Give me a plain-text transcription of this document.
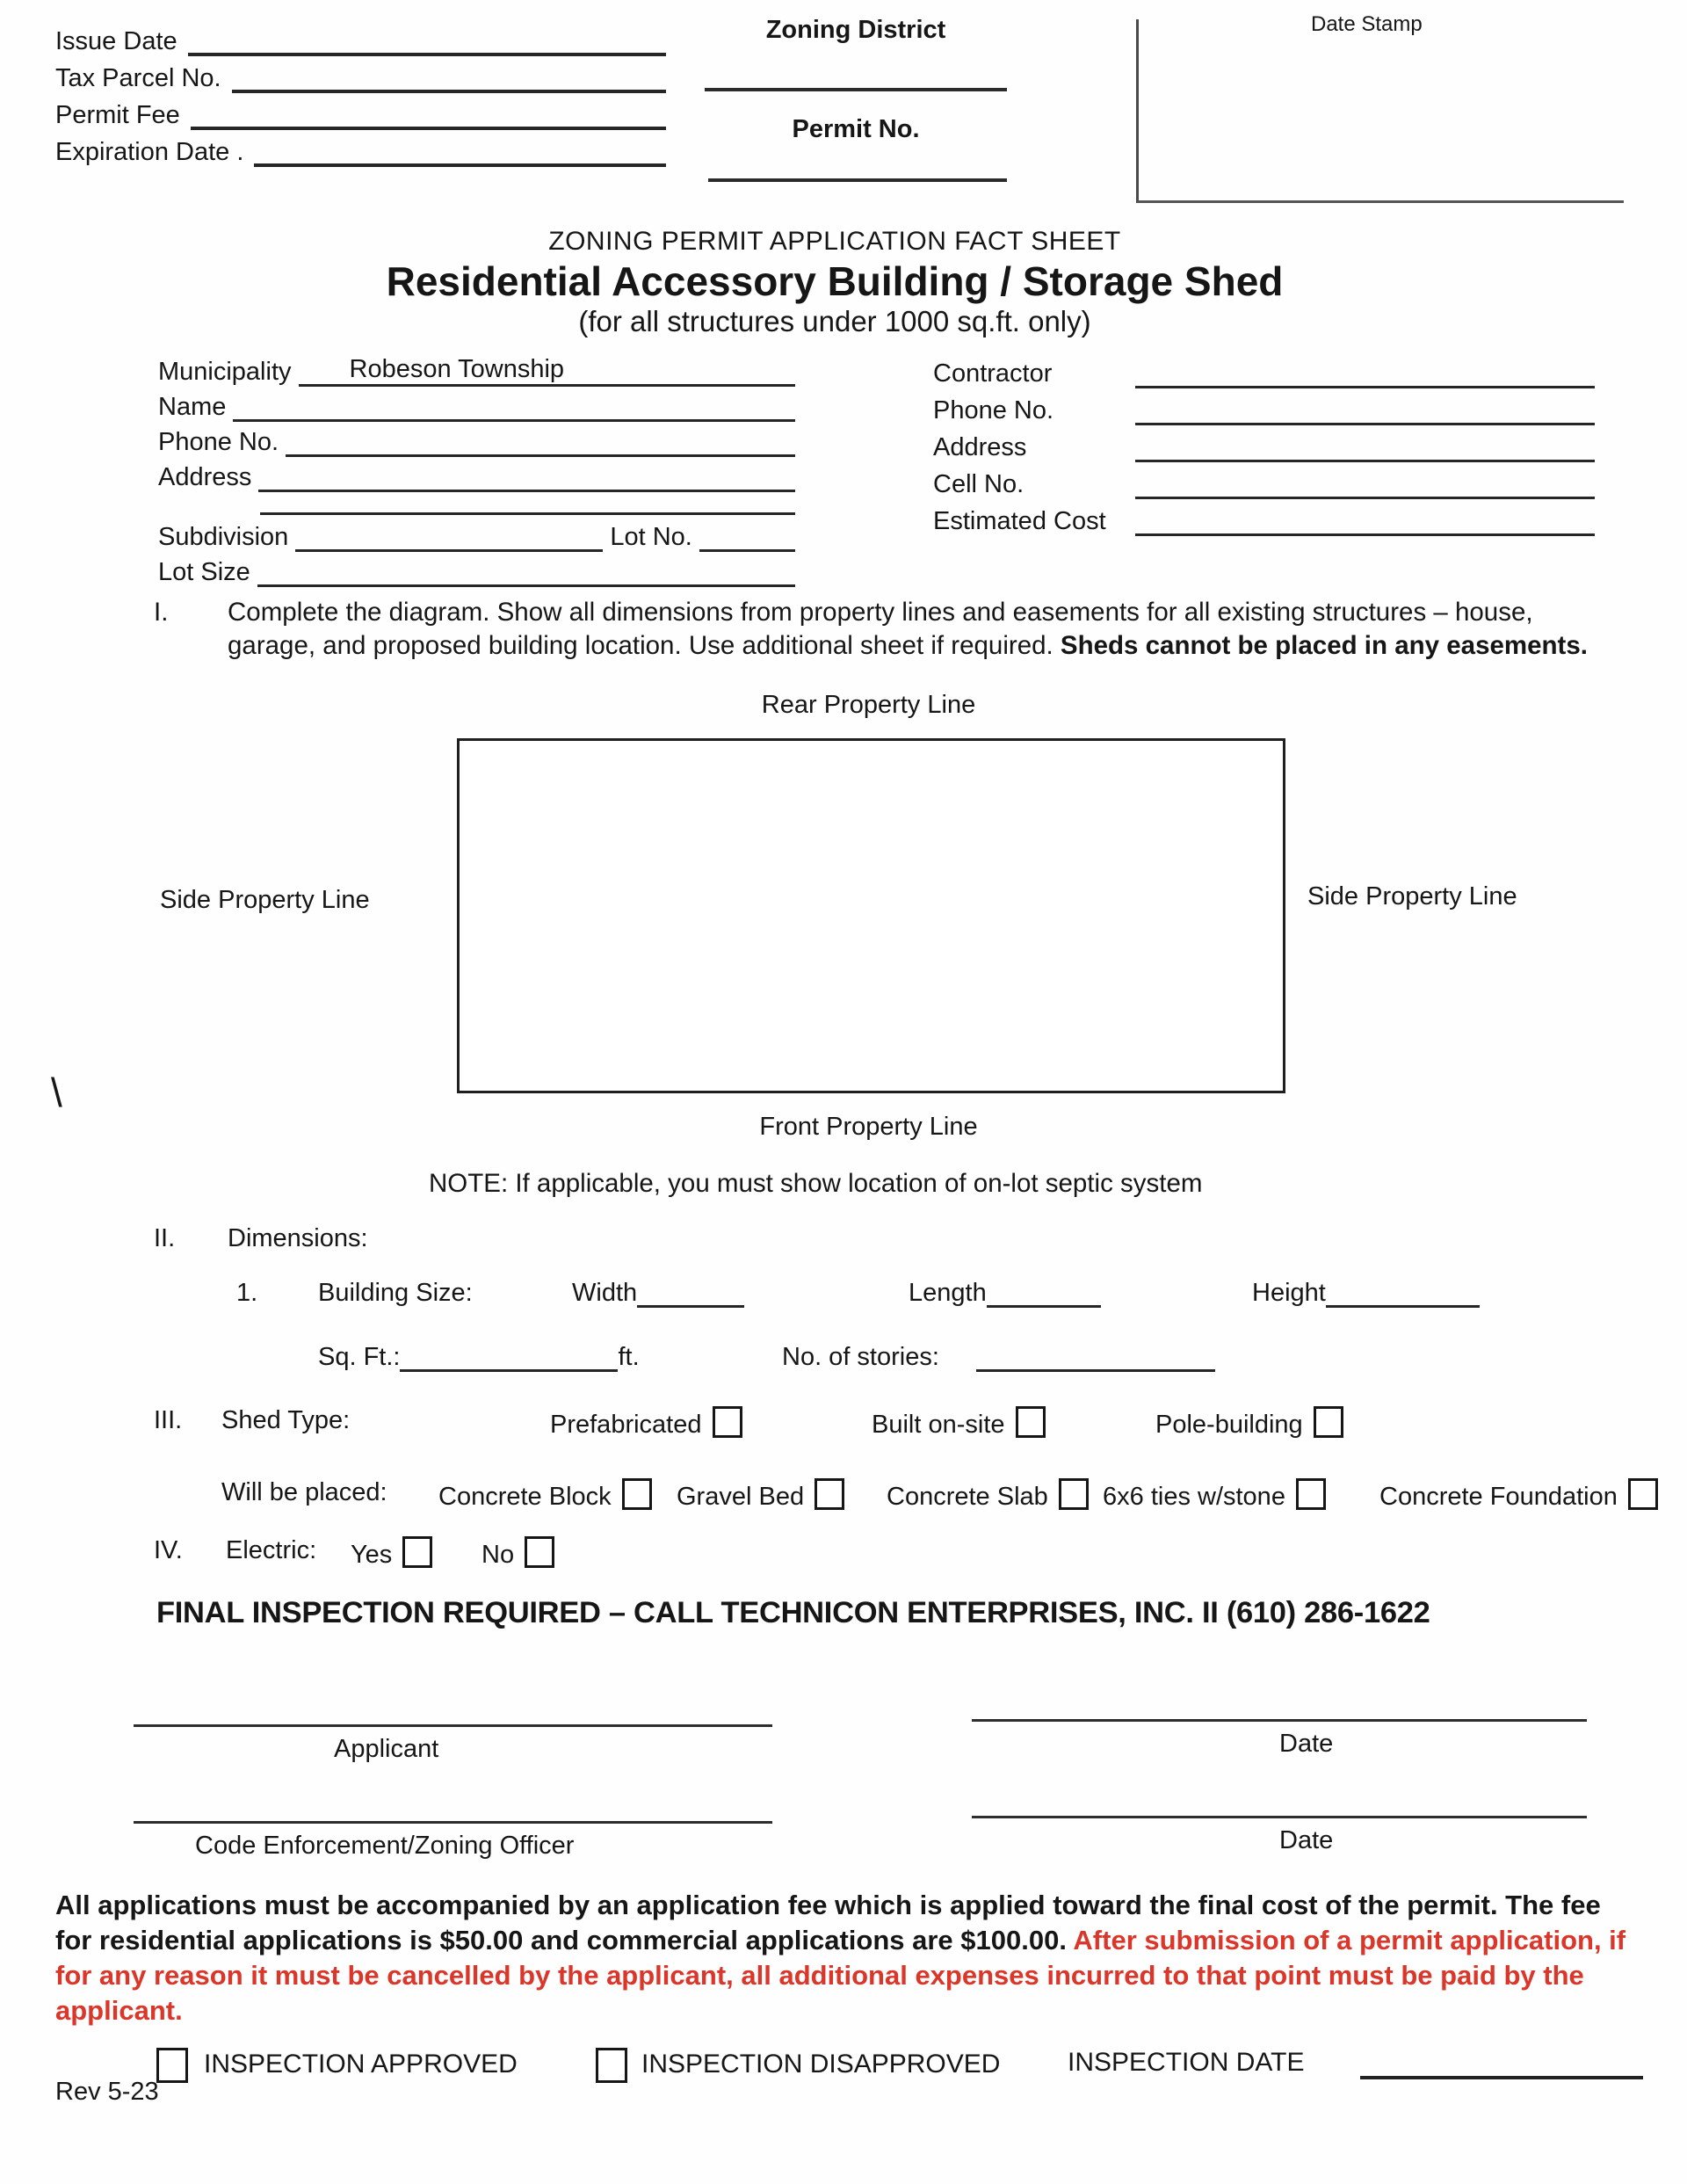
Issue Date
Tax Parcel No.
Permit Fee
Expiration Date .
Zoning District
Permit No.
Date Stamp
ZONING PERMIT APPLICATION FACT SHEET
Residential Accessory Building / Storage Shed
(for all structures under 1000 sq.ft. only)
Municipality	Robeson Township
Name
Phone No.
Address
Subdivision	Lot No.
Lot Size
Contractor
Phone No.
Address
Cell No.
Estimated Cost
I.	Complete the diagram. Show all dimensions from property lines and easements for all existing structures – house, garage, and proposed building location. Use additional sheet if required. Sheds cannot be placed in any easements.
Rear Property Line
Side Property Line	Side Property Line
\
Front Property Line
NOTE: If applicable, you must show location of on-lot septic system
II.	Dimensions:
1. Building Size:	Width	Length	Height
Sq. Ft.:	ft.	No. of stories:
III. Shed Type:	Prefabricated	Built on-site	Pole-building
Will be placed: Concrete Block	Gravel Bed	Concrete Slab	6x6 ties w/stone	Concrete Foundation
IV. Electric: Yes	No
FINAL INSPECTION REQUIRED – CALL TECHNICON ENTERPRISES, INC. II (610) 286-1622
Applicant	Date
Code Enforcement/Zoning Officer	Date
All applications must be accompanied by an application fee which is applied toward the final cost of the permit. The fee for residential applications is $50.00 and commercial applications are $100.00. After submission of a permit application, if for any reason it must be cancelled by the applicant, all additional expenses incurred to that point must be paid by the applicant.
INSPECTION APPROVED	INSPECTION DISAPPROVED	INSPECTION DATE
Rev 5-23
